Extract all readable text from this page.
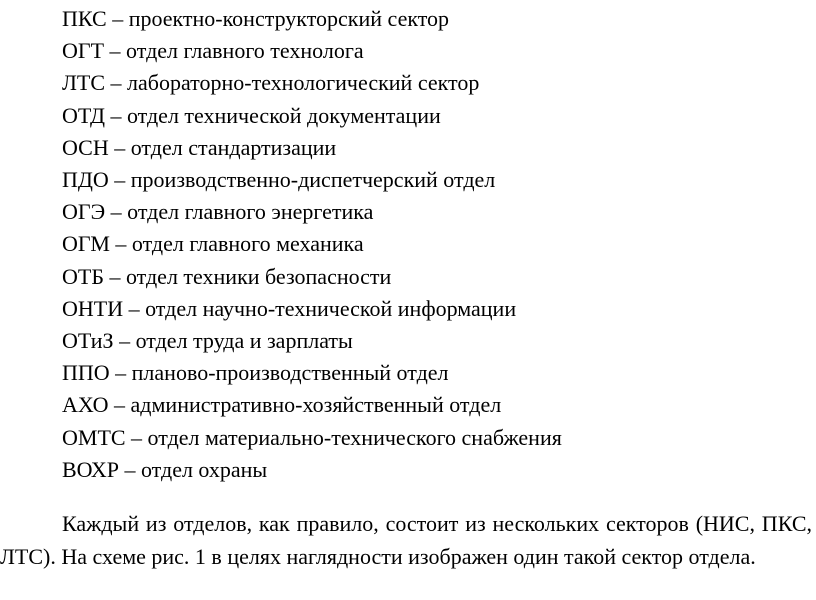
ПКС – проектно-конструкторский сектор
ОГТ – отдел главного технолога
ЛТС – лабораторно-технологический сектор
ОТД – отдел технической документации
ОСН – отдел стандартизации
ПДО – производственно-диспетчерский отдел
ОГЭ – отдел главного энергетика
ОГМ – отдел главного механика
ОТБ – отдел техники безопасности
ОНТИ – отдел научно-технической информации
ОТиЗ – отдел труда и зарплаты
ППО – планово-производственный отдел
АХО – административно-хозяйственный отдел
ОМТС – отдел материально-технического снабжения
ВОХР – отдел охраны

Каждый из отделов, как правило, состоит из нескольких секторов (НИС, ПКС, ЛТС). На схеме рис. 1 в целях наглядности изображен один такой сектор отдела.
